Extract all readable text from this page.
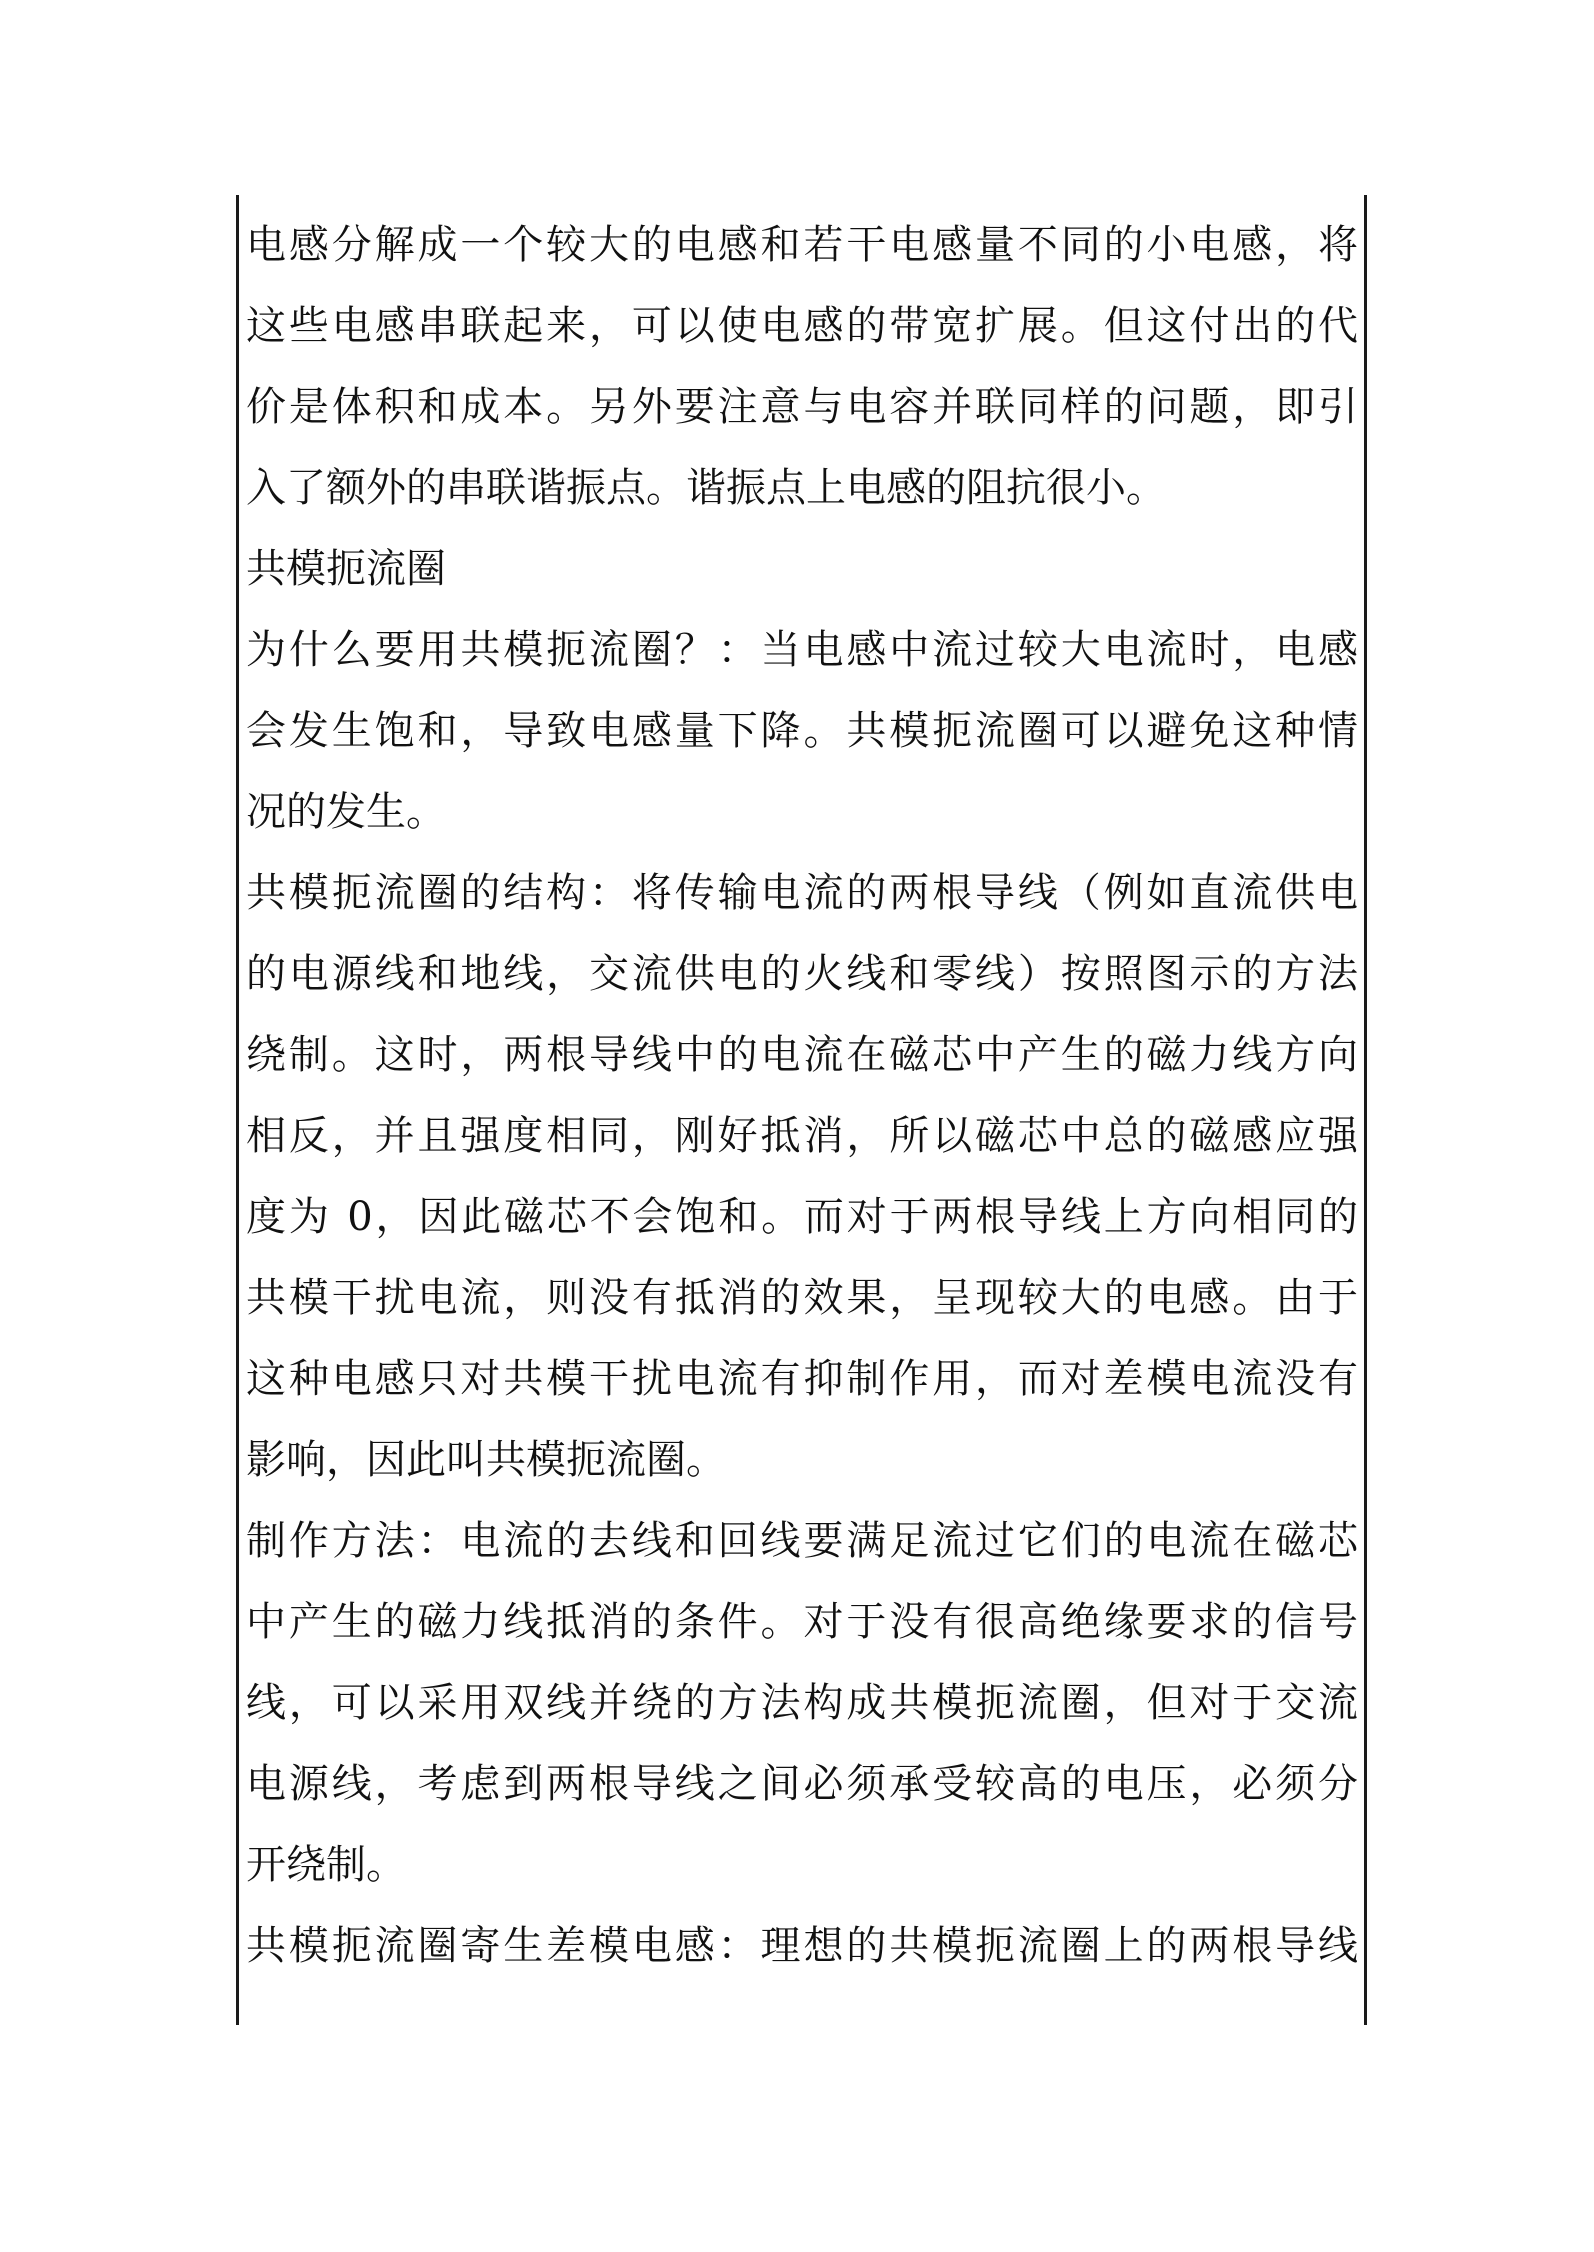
电感分解成一个较大的电感和若干电感量不同的小电感，将
这些电感串联起来，可以使电感的带宽扩展。但这付出的代
价是体积和成本。另外要注意与电容并联同样的问题，即引
入了额外的串联谐振点。谐振点上电感的阻抗很小。
共模扼流圈
为什么要用共模扼流圈？：当电感中流过较大电流时，电感
会发生饱和，导致电感量下降。共模扼流圈可以避免这种情
况的发生。
共模扼流圈的结构：将传输电流的两根导线（例如直流供电
的电源线和地线，交流供电的火线和零线）按照图示的方法
绕制。这时，两根导线中的电流在磁芯中产生的磁力线方向
相反，并且强度相同，刚好抵消，所以磁芯中总的磁感应强
度为 0，因此磁芯不会饱和。而对于两根导线上方向相同的
共模干扰电流，则没有抵消的效果，呈现较大的电感。由于
这种电感只对共模干扰电流有抑制作用，而对差模电流没有
影响，因此叫共模扼流圈。
制作方法：电流的去线和回线要满足流过它们的电流在磁芯
中产生的磁力线抵消的条件。对于没有很高绝缘要求的信号
线，可以采用双线并绕的方法构成共模扼流圈，但对于交流
电源线，考虑到两根导线之间必须承受较高的电压，必须分
开绕制。
共模扼流圈寄生差模电感：理想的共模扼流圈上的两根导线
